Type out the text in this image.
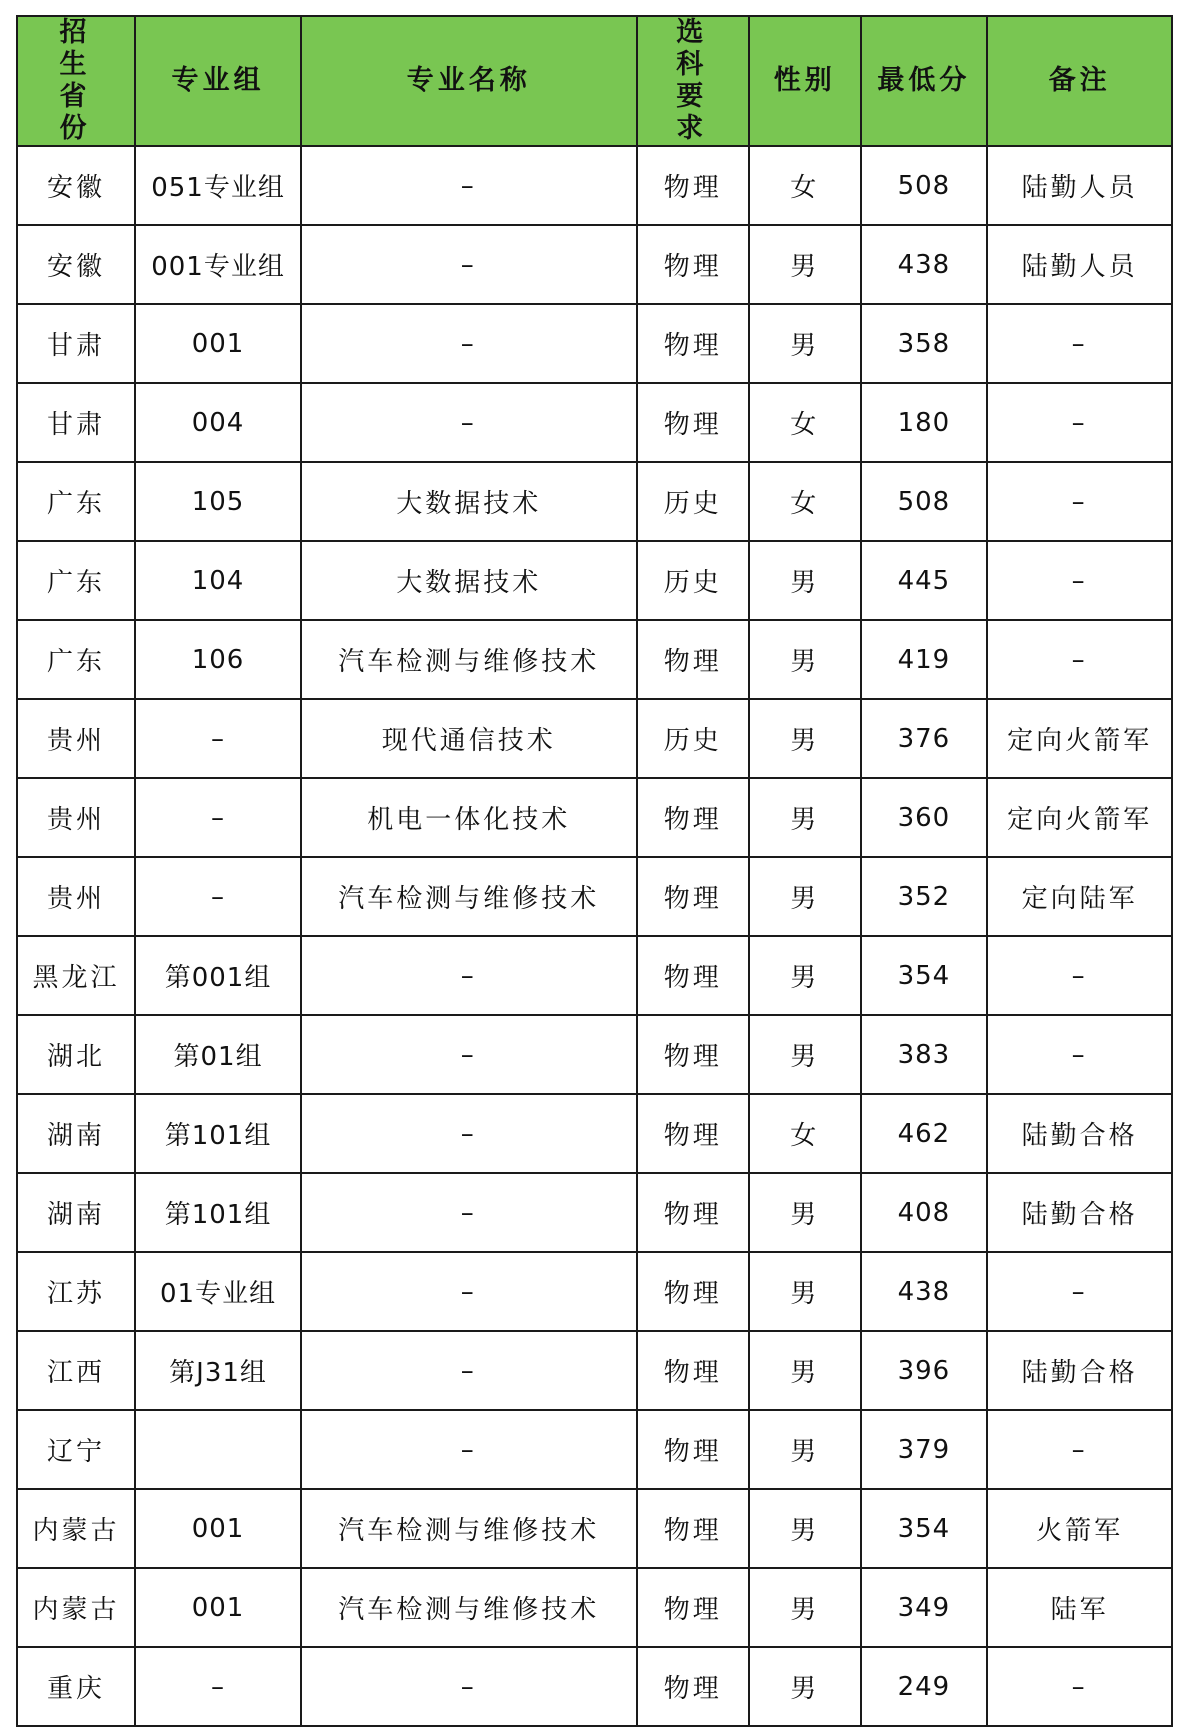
招生省份	专业组	专业名称	选科要求	性别	最低分	备注
安徽	051专业组	–	物理	女	508	陆勤人员
安徽	001专业组	–	物理	男	438	陆勤人员
甘肃	001	–	物理	男	358	–
甘肃	004	–	物理	女	180	–
广东	105	大数据技术	历史	女	508	–
广东	104	大数据技术	历史	男	445	–
广东	106	汽车检测与维修技术	物理	男	419	–
贵州	–	现代通信技术	历史	男	376	定向火箭军
贵州	–	机电一体化技术	物理	男	360	定向火箭军
贵州	–	汽车检测与维修技术	物理	男	352	定向陆军
黑龙江	第001组	–	物理	男	354	–
湖北	第01组	–	物理	男	383	–
湖南	第101组	–	物理	女	462	陆勤合格
湖南	第101组	–	物理	男	408	陆勤合格
江苏	01专业组	–	物理	男	438	–
江西	第J31组	–	物理	男	396	陆勤合格
辽宁		–	物理	男	379	–
内蒙古	001	汽车检测与维修技术	物理	男	354	火箭军
内蒙古	001	汽车检测与维修技术	物理	男	349	陆军
重庆	–	–	物理	男	249	–
